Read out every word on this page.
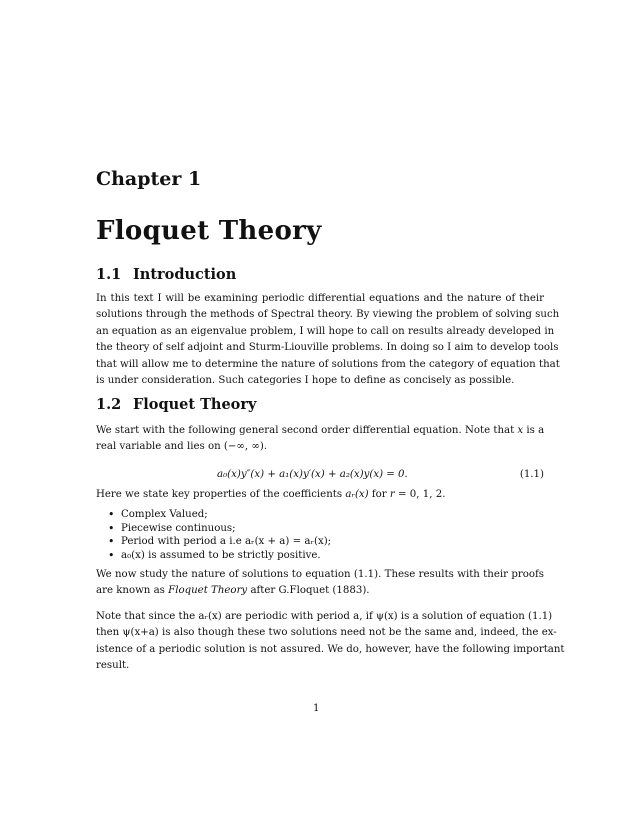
Chapter 1
Floquet Theory
1.1 Introduction

In this text I will be examining periodic differential equations and the nature of their
solutions through the methods of Spectral theory. By viewing the problem of solving such
an equation as an eigenvalue problem, I will hope to call on results already developed in
the theory of self adjoint and Sturm-Liouville problems. In doing so I aim to develop tools
that will allow me to determine the nature of solutions from the category of equation that
is under consideration. Such categories I hope to define as concisely as possible.

1.2 Floquet Theory

We start with the following general second order differential equation. Note that x is a
real variable and lies on (−∞, ∞).

a₀(x)y″(x) + a₁(x)y′(x) + a₂(x)y(x) = 0.	(1.1)

Here we state key properties of the coefficients aᵣ(x) for r = 0, 1, 2.

• Complex Valued;
• Piecewise continuous;
• Period with period a i.e aᵣ(x + a) = aᵣ(x);
• a₀(x) is assumed to be strictly positive.

We now study the nature of solutions to equation (1.1). These results with their proofs
are known as Floquet Theory after G.Floquet (1883).

Note that since the aᵣ(x) are periodic with period a, if ψ(x) is a solution of equation (1.1)
then ψ(x+a) is also though these two solutions need not be the same and, indeed, the ex-
istence of a periodic solution is not assured. We do, however, have the following important
result.

1
